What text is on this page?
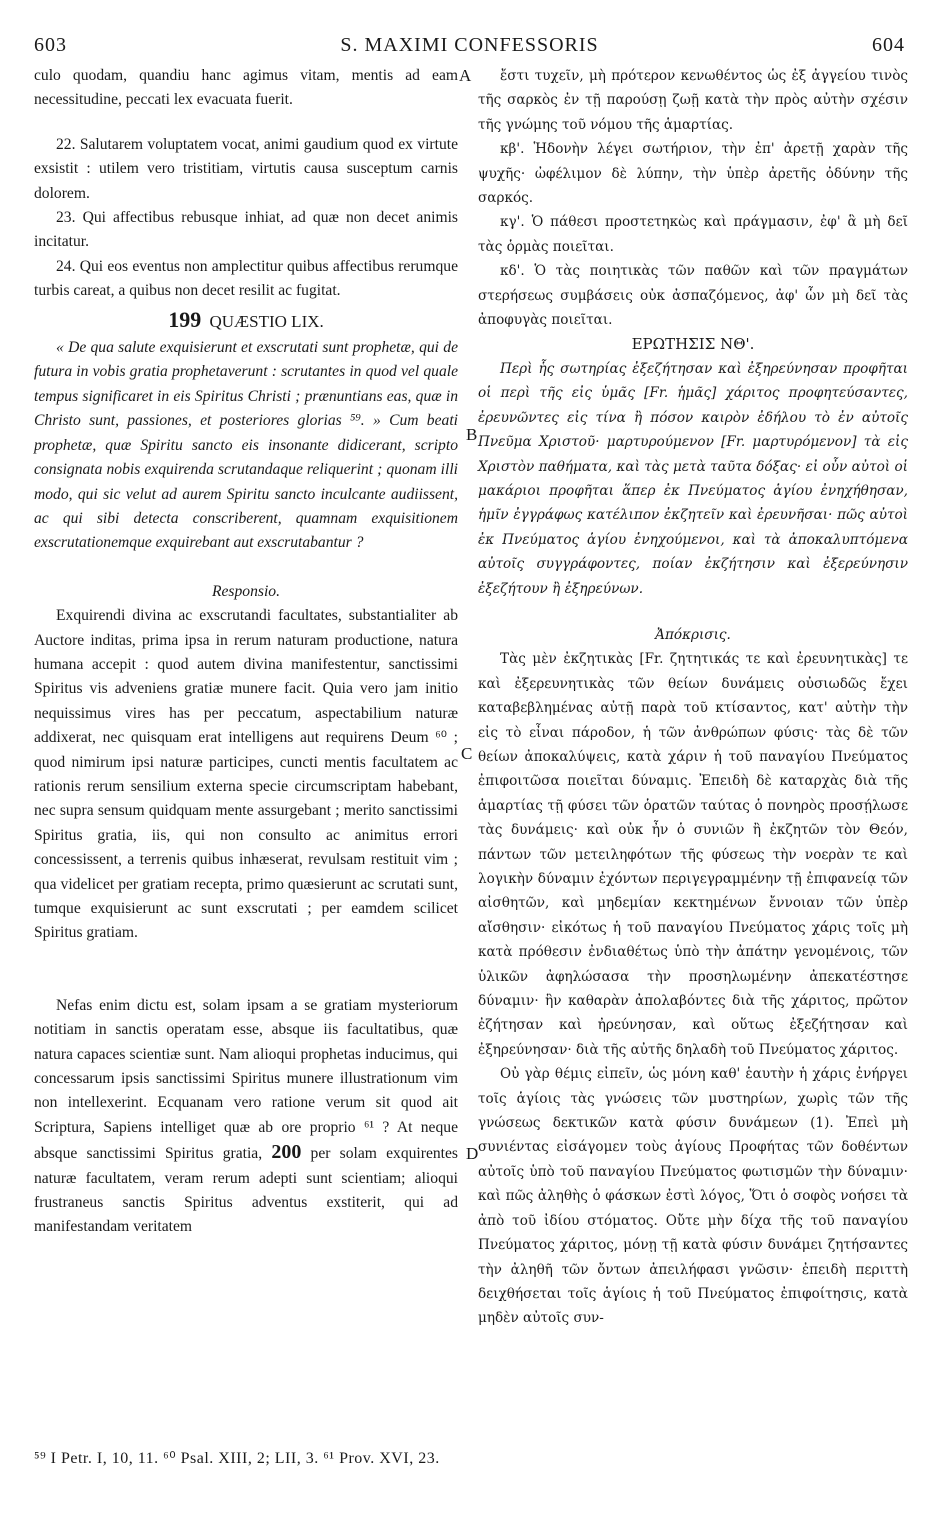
603	S. MAXIMI CONFESSORIS	604

culo quodam, quandiu hanc agimus vitam, mentis ad eam necessitudine, peccati lex evacuata fuerit.

22. Salutarem voluptatem vocat, animi gaudium quod ex virtute exsistit : utilem vero tristitiam, virtutis causa susceptum carnis dolorem.

23. Qui affectibus rebusque inhiat, ad quæ non decet animis incitatur.

24. Qui eos eventus non amplectitur quibus affectibus rerumque turbis careat, a quibus non decet resilit ac fugitat.

199 QUÆSTIO LIX.

« De qua salute exquisierunt et exscrutati sunt prophetæ, qui de futura in vobis gratia prophetaverunt : scrutantes in quod vel quale tempus significaret in eis Spiritus Christi ; prænuntians eas, quæ in Christo sunt, passiones, et posteriores glorias ⁵⁹. » Cum beati prophetæ, quæ Spiritu sancto eis insonante didicerant, scripto consignata nobis exquirenda scrutandaque reliquerint ; quonam illi modo, qui sic velut ad aurem Spiritu sancto inculcante audiissent, ac qui sibi detecta conscriberent, quamnam exquisitionem exscrutationemque exquirebant aut exscrutabantur ?

Responsio.

Exquirendi divina ac exscrutandi facultates, substantialiter ab Auctore inditas, prima ipsa in rerum naturam productione, natura humana accepit : quod autem divina manifestentur, sanctissimi Spiritus vis adveniens gratiæ munere facit. Quia vero jam initio nequissimus vires has per peccatum, aspectabilium naturæ addixerat, nec quisquam erat intelligens aut requirens Deum ⁶⁰ ; quod nimirum ipsi naturæ participes, cuncti mentis facultatem ac rationis rerum sensilium externa specie circumscriptam habebant, nec supra sensum quidquam mente assurgebant ; merito sanctissimi Spiritus gratia, iis, qui non consulto ac animitus errori concessissent, a terrenis quibus inhæserat, revulsam restituit vim ; qua videlicet per gratiam recepta, primo quæsierunt ac scrutati sunt, tumque exquisierunt ac sunt exscrutati ; per eamdem scilicet Spiritus gratiam.

Nefas enim dictu est, solam ipsam a se gratiam mysteriorum notitiam in sanctis operatam esse, absque iis facultatibus, quæ natura capaces scientiæ sunt. Nam alioqui prophetas inducimus, qui concessarum ipsis sanctissimi Spiritus munere illustrationum vim non intellexerint. Ecquanam vero ratione verum sit quod ait Scriptura, Sapiens intelliget quæ ab ore proprio ⁶¹ ? At neque absque sanctissimi Spiritus gratia, 200 per solam exquirentes naturæ facultatem, veram rerum adepti sunt scientiam; alioqui frustraneus sanctis Spiritus adventus exstiterit, qui ad manifestandam veritatem

ἔστι τυχεῖν, μὴ πρότερον κενωθέντος ὡς ἐξ ἀγγείου τινὸς τῆς σαρκὸς ἐν τῇ παρούσῃ ζωῇ κατὰ τὴν πρὸς αὐτὴν σχέσιν τῆς γνώμης τοῦ νόμου τῆς ἁμαρτίας.

κβ'. Ἡδονὴν λέγει σωτήριον, τὴν ἐπ' ἀρετῇ χαρὰν τῆς ψυχῆς· ὠφέλιμον δὲ λύπην, τὴν ὑπὲρ ἀρετῆς ὀδύνην τῆς σαρκός.

κγ'. Ὁ πάθεσι προστετηκὼς καὶ πράγμασιν, ἐφ' ἃ μὴ δεῖ τὰς ὁρμὰς ποιεῖται.

κδ'. Ὁ τὰς ποιητικὰς τῶν παθῶν καὶ τῶν πραγμάτων στερήσεως συμβάσεις οὐκ ἀσπαζόμενος, ἀφ' ὧν μὴ δεῖ τὰς ἀποφυγὰς ποιεῖται.

ΕΡΩΤΗΣΙΣ ΝΘ'.

Περὶ ἧς σωτηρίας ἐξεζήτησαν καὶ ἐξηρεύνησαν προφῆται οἱ περὶ τῆς εἰς ὑμᾶς [Fr. ἡμᾶς] χάριτος προφητεύσαντες, ἐρευνῶντες εἰς τίνα ἢ πόσον καιρὸν ἐδήλου τὸ ἐν αὐτοῖς Πνεῦμα Χριστοῦ· μαρτυρούμενον [Fr. μαρτυρόμενον] τὰ εἰς Χριστὸν παθήματα, καὶ τὰς μετὰ ταῦτα δόξας· εἰ οὖν αὐτοὶ οἱ μακάριοι προφῆται ἅπερ ἐκ Πνεύματος ἁγίου ἐνηχήθησαν, ἡμῖν ἐγγράφως κατέλιπον ἐκζητεῖν καὶ ἐρευνῆσαι· πῶς αὐτοὶ ἐκ Πνεύματος ἁγίου ἐνηχούμενοι, καὶ τὰ ἀποκαλυπτόμενα αὐτοῖς συγγράφοντες, ποίαν ἐκζήτησιν καὶ ἐξερεύνησιν ἐξεζήτουν ἢ ἐξηρεύνων.

Ἀπόκρισις.

Τὰς μὲν ἐκζητικὰς [Fr. ζητητικάς τε καὶ ἐρευνητικὰς] τε καὶ ἐξερευνητικὰς τῶν θείων δυνάμεις οὐσιωδῶς ἔχει καταβεβλημένας αὐτῇ παρὰ τοῦ κτίσαντος, κατ' αὐτὴν τὴν εἰς τὸ εἶναι πάροδον, ἡ τῶν ἀνθρώπων φύσις· τὰς δὲ τῶν θείων ἀποκαλύψεις, κατὰ χάριν ἡ τοῦ παναγίου Πνεύματος ἐπιφοιτῶσα ποιεῖται δύναμις. Ἐπειδὴ δὲ καταρχὰς διὰ τῆς ἁμαρτίας τῇ φύσει τῶν ὁρατῶν ταύτας ὁ πονηρὸς προσῄλωσε τὰς δυνάμεις· καὶ οὐκ ἦν ὁ συνιῶν ἢ ἐκζητῶν τὸν Θεόν, πάντων τῶν μετειληφότων τῆς φύσεως τὴν νοερὰν τε καὶ λογικὴν δύναμιν ἐχόντων περιγεγραμμένην τῇ ἐπιφανείᾳ τῶν αἰσθητῶν, καὶ μηδεμίαν κεκτημένων ἔννοιαν τῶν ὑπὲρ αἴσθησιν· εἰκότως ἡ τοῦ παναγίου Πνεύματος χάρις τοῖς μὴ κατὰ πρόθεσιν ἐνδιαθέτως ὑπὸ τὴν ἀπάτην γενομένοις, τῶν ὑλικῶν ἀφηλώσασα τὴν προσηλωμένην ἀπεκατέστησε δύναμιν· ἣν καθαρὰν ἀπολαβόντες διὰ τῆς χάριτος, πρῶτον ἐζήτησαν καὶ ἠρεύνησαν, καὶ οὕτως ἐξεζήτησαν καὶ ἐξηρεύνησαν· διὰ τῆς αὐτῆς δηλαδὴ τοῦ Πνεύματος χάριτος.

Οὐ γὰρ θέμις εἰπεῖν, ὡς μόνη καθ' ἑαυτὴν ἡ χάρις ἐνήργει τοῖς ἁγίοις τὰς γνώσεις τῶν μυστηρίων, χωρὶς τῶν τῆς γνώσεως δεκτικῶν κατὰ φύσιν δυνάμεων (1). Ἐπεὶ μὴ συνιέντας εἰσάγομεν τοὺς ἁγίους Προφήτας τῶν δοθέντων αὐτοῖς ὑπὸ τοῦ παναγίου Πνεύματος φωτισμῶν τὴν δύναμιν· καὶ πῶς ἀληθὴς ὁ φάσκων ἐστὶ λόγος, Ὅτι ὁ σοφὸς νοήσει τὰ ἀπὸ τοῦ ἰδίου στόματος. Οὔτε μὴν δίχα τῆς τοῦ παναγίου Πνεύματος χάριτος, μόνῃ τῇ κατὰ φύσιν δυνάμει ζητήσαντες τὴν ἀληθῆ τῶν ὄντων ἀπειλήφασι γνῶσιν· ἐπειδὴ περιττὴ δειχθήσεται τοῖς ἁγίοις ἡ τοῦ Πνεύματος ἐπιφοίτησις, κατὰ μηδὲν αὐτοῖς συν-

A
B
C
D
⁵⁹ I Petr. I, 10, 11. ⁶⁰ Psal. XIII, 2; LII, 3. ⁶¹ Prov. XVI, 23.
